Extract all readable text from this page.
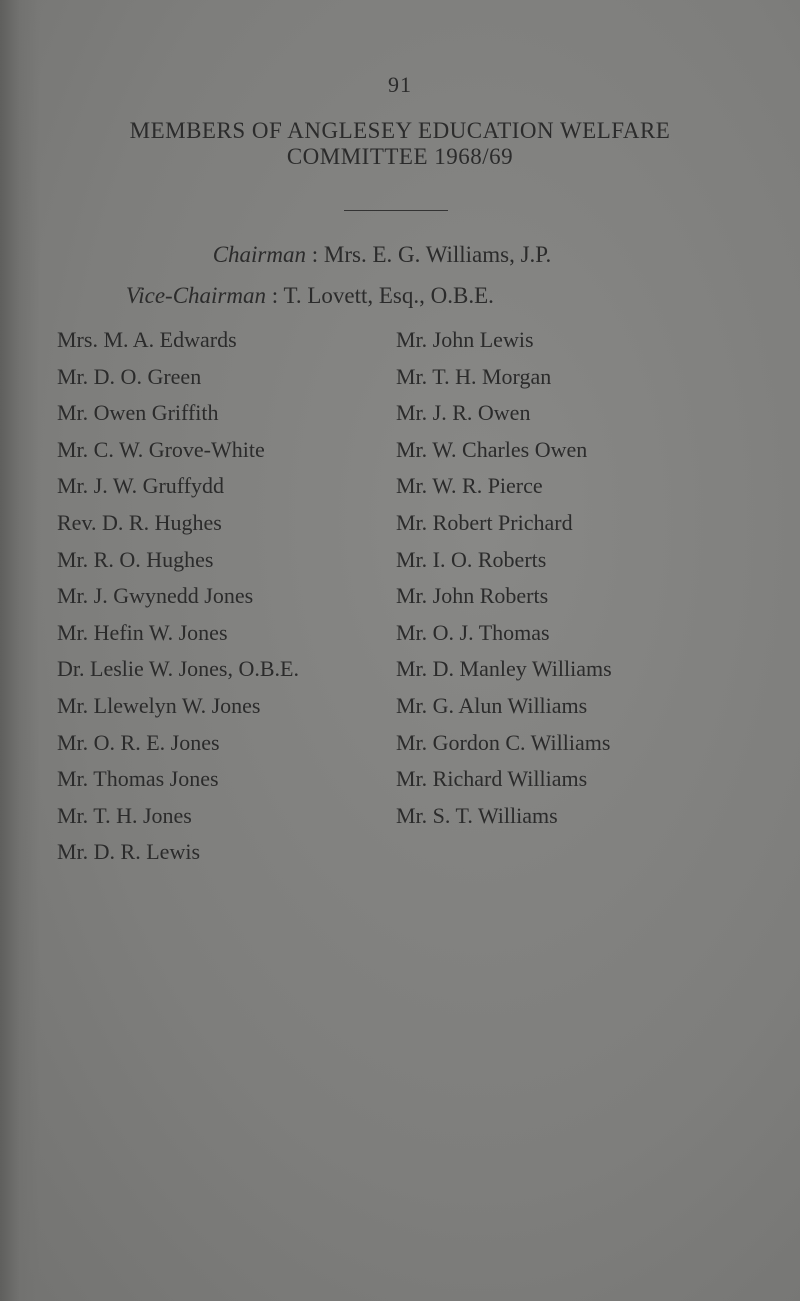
91
MEMBERS OF ANGLESEY EDUCATION WELFARE
COMMITTEE 1968/69
Chairman : Mrs. E. G. Williams, J.P.
Vice-Chairman : T. Lovett, Esq., O.B.E.
Mrs. M. A. Edwards
Mr. D. O. Green
Mr. Owen Griffith
Mr. C. W. Grove-White
Mr. J. W. Gruffydd
Rev. D. R. Hughes
Mr. R. O. Hughes
Mr. J. Gwynedd Jones
Mr. Hefin W. Jones
Dr. Leslie W. Jones, O.B.E.
Mr. Llewelyn W. Jones
Mr. O. R. E. Jones
Mr. Thomas Jones
Mr. T. H. Jones
Mr. D. R. Lewis
Mr. John Lewis
Mr. T. H. Morgan
Mr. J. R. Owen
Mr. W. Charles Owen
Mr. W. R. Pierce
Mr. Robert Prichard
Mr. I. O. Roberts
Mr. John Roberts
Mr. O. J. Thomas
Mr. D. Manley Williams
Mr. G. Alun Williams
Mr. Gordon C. Williams
Mr. Richard Williams
Mr. S. T. Williams
